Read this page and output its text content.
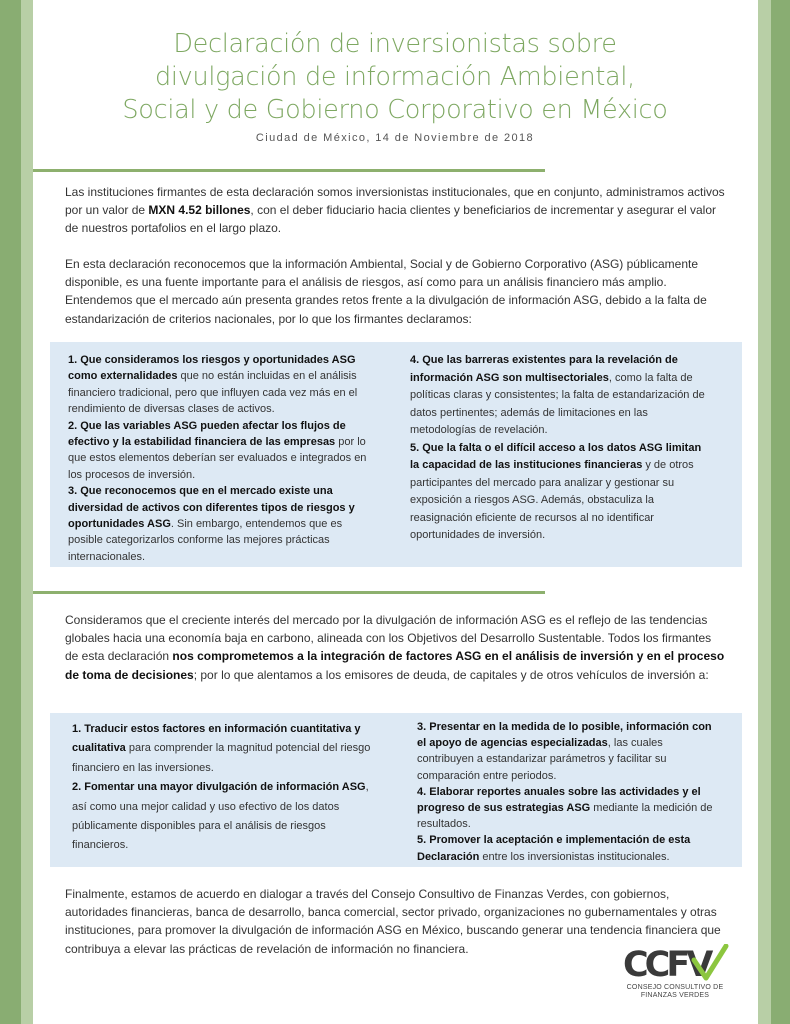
Declaración de inversionistas sobre
divulgación de información Ambiental,
Social y de Gobierno Corporativo en México
Ciudad de México, 14 de Noviembre de 2018

Las instituciones firmantes de esta declaración somos inversionistas institucionales, que en conjunto, administramos activos por un valor de MXN 4.52 billones, con el deber fiduciario hacia clientes y beneficiarios de incrementar y asegurar el valor de nuestros portafolios en el largo plazo.

En esta declaración reconocemos que la información Ambiental, Social y de Gobierno Corporativo (ASG) públicamente disponible, es una fuente importante para el análisis de riesgos, así como para un análisis financiero más amplio. Entendemos que el mercado aún presenta grandes retos frente a la divulgación de información ASG, debido a la falta de estandarización de criterios nacionales, por lo que los firmantes declaramos:

1. Que consideramos los riesgos y oportunidades ASG como externalidades que no están incluidas en el análisis financiero tradicional, pero que influyen cada vez más en el rendimiento de diversas clases de activos.
2. Que las variables ASG pueden afectar los flujos de efectivo y la estabilidad financiera de las empresas por lo que estos elementos deberían ser evaluados e integrados en los procesos de inversión.
3. Que reconocemos que en el mercado existe una diversidad de activos con diferentes tipos de riesgos y oportunidades ASG. Sin embargo, entendemos que es posible categorizarlos conforme las mejores prácticas internacionales.
4. Que las barreras existentes para la revelación de información ASG son multisectoriales, como la falta de políticas claras y consistentes; la falta de estandarización de datos pertinentes; además de limitaciones en las metodologías de revelación.
5. Que la falta o el difícil acceso a los datos ASG limitan la capacidad de las instituciones financieras y de otros participantes del mercado para analizar y gestionar su exposición a riesgos ASG. Además, obstaculiza la reasignación eficiente de recursos al no identificar oportunidades de inversión.

Consideramos que el creciente interés del mercado por la divulgación de información ASG es el reflejo de las tendencias globales hacia una economía baja en carbono, alineada con los Objetivos del Desarrollo Sustentable. Todos los firmantes de esta declaración nos comprometemos a la integración de factores ASG en el análisis de inversión y en el proceso de toma de decisiones; por lo que alentamos a los emisores de deuda, de capitales y de otros vehículos de inversión a:

1. Traducir estos factores en información cuantitativa y cualitativa para comprender la magnitud potencial del riesgo financiero en las inversiones.
2. Fomentar una mayor divulgación de información ASG, así como una mejor calidad y uso efectivo de los datos públicamente disponibles para el análisis de riesgos financieros.
3. Presentar en la medida de lo posible, información con el apoyo de agencias especializadas, las cuales contribuyen a estandarizar parámetros y facilitar su comparación entre periodos.
4. Elaborar reportes anuales sobre las actividades y el progreso de sus estrategias ASG mediante la medición de resultados.
5. Promover la aceptación e implementación de esta Declaración entre los inversionistas institucionales.

Finalmente, estamos de acuerdo en dialogar a través del Consejo Consultivo de Finanzas Verdes, con gobiernos, autoridades financieras, banca de desarrollo, banca comercial, sector privado, organizaciones no gubernamentales y otras instituciones, para promover la divulgación de información ASG en México, buscando generar una tendencia financiera que contribuya a elevar las prácticas de revelación de información no financiera.	CCFV
CONSEJO CONSULTIVO DE
FINANZAS VERDES
